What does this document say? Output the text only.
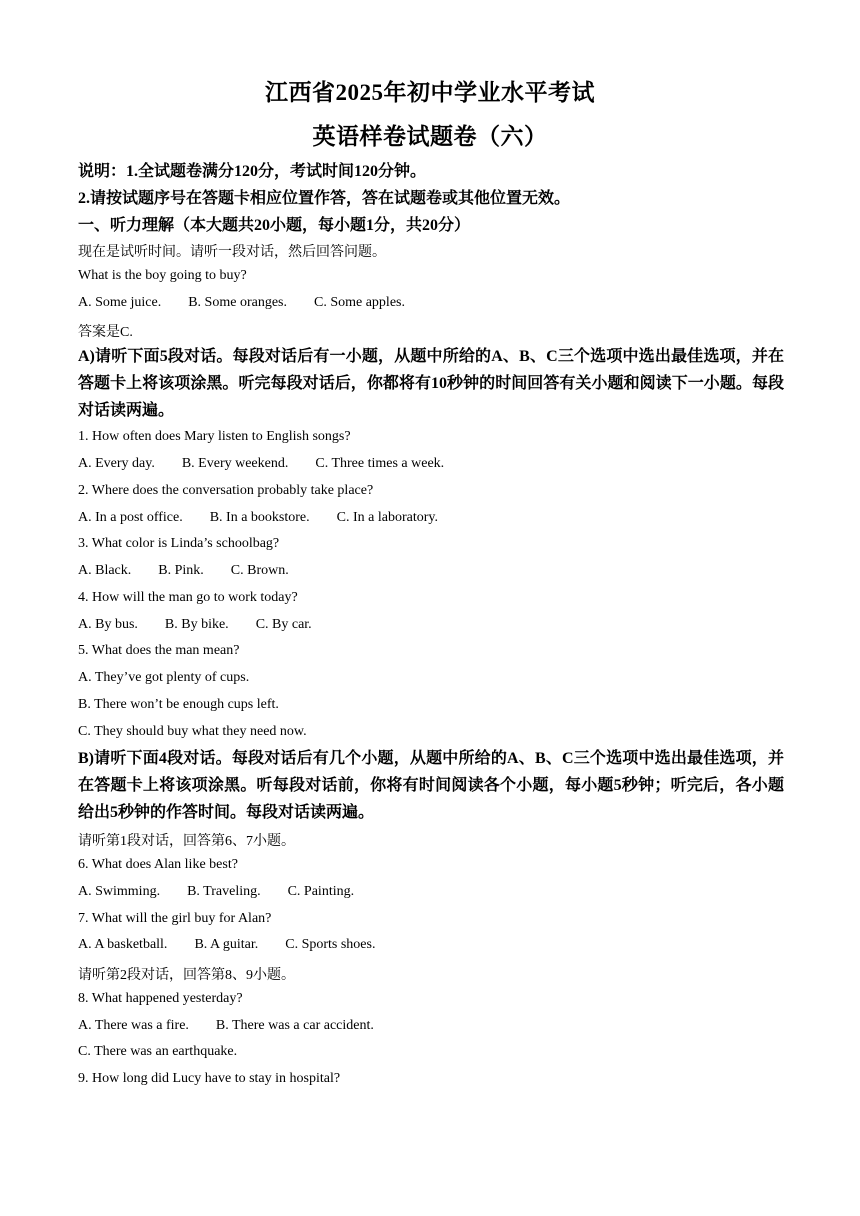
江西省2025年初中学业水平考试
英语样卷试题卷（六）
说明：1.全试题卷满分120分，考试时间120分钟。
2.请按试题序号在答题卡相应位置作答，答在试题卷或其他位置无效。
一、听力理解（本大题共20小题，每小题1分，共20分）
现在是试听时间。请听一段对话，然后回答问题。
What is the boy going to buy?
A. Some juice. B. Some oranges. C. Some apples.
答案是C.
A)请听下面5段对话。每段对话后有一小题，从题中所给的A、B、C三个选项中选出最佳选项，并在答题卡上将该项涂黑。听完每段对话后，你都将有10秒钟的时间回答有关小题和阅读下一小题。每段对话读两遍。
1. How often does Mary listen to English songs?
A. Every day. B. Every weekend. C. Three times a week.
2. Where does the conversation probably take place?
A. In a post office. B. In a bookstore. C. In a laboratory.
3. What color is Linda’s schoolbag?
A. Black. B. Pink. C. Brown.
4. How will the man go to work today?
A. By bus. B. By bike. C. By car.
5. What does the man mean?
A. They’ve got plenty of cups.
B. There won’t be enough cups left.
C. They should buy what they need now.
B)请听下面4段对话。每段对话后有几个小题，从题中所给的A、B、C三个选项中选出最佳选项，并在答题卡上将该项涂黑。听每段对话前，你将有时间阅读各个小题，每小题5秒钟；听完后，各小题给出5秒钟的作答时间。每段对话读两遍。
请听第1段对话，回答第6、7小题。
6. What does Alan like best?
A. Swimming. B. Traveling. C. Painting.
7. What will the girl buy for Alan?
A. A basketball. B. A guitar. C. Sports shoes.
请听第2段对话，回答第8、9小题。
8. What happened yesterday?
A. There was a fire. B. There was a car accident.
C. There was an earthquake.
9. How long did Lucy have to stay in hospital?
